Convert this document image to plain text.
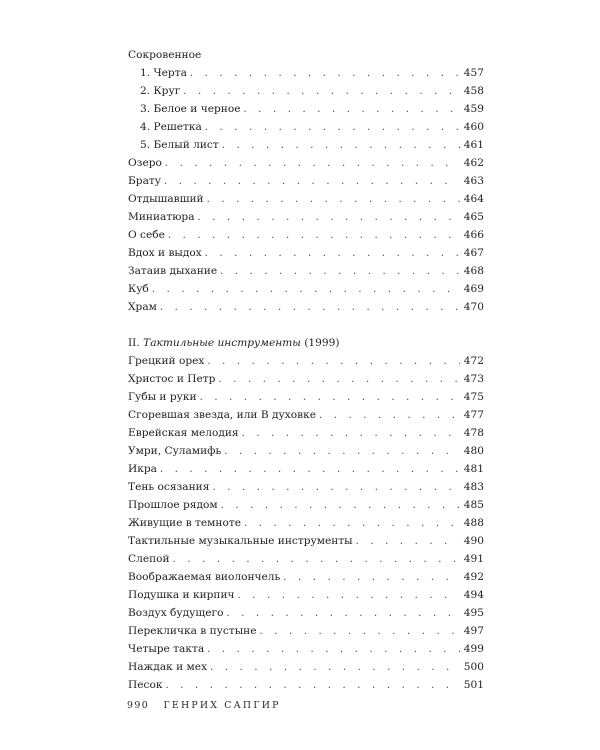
Сокровенное
1. Черта . . .	457
2. Круг . . .	458
3. Белое и черное . . .	459
4. Решетка . . .	460
5. Белый лист . . .	461
Озеро . . .	462
Брату . . .	463
Отдышавший . . .	464
Миниатюра . . .	465
О себе . . .	466
Вдох и выдох . . .	467
Затаив дыхание . . .	468
Куб . . .	469
Храм . . .	470
II. Тактильные инструменты (1999)
Грецкий орех . . .	472
Христос и Петр . . .	473
Губы и руки . . .	475
Сгоревшая звезда, или В духовке . . .	477
Еврейская мелодия . . .	478
Умри, Суламифь . . .	480
Икра . . .	481
Тень осязания . . .	483
Прошлое рядом . . .	485
Живущие в темноте . . .	488
Тактильные музыкальные инструменты . . .	490
Слепой . . .	491
Воображаемая виолончель . . .	492
Подушка и кирпич . . .	494
Воздух будущего . . .	495
Перекличка в пустыне . . .	497
Четыре такта . . .	499
Наждак и мех . . .	500
Песок . . .	501
990 ГЕНРИХ САПГИР
